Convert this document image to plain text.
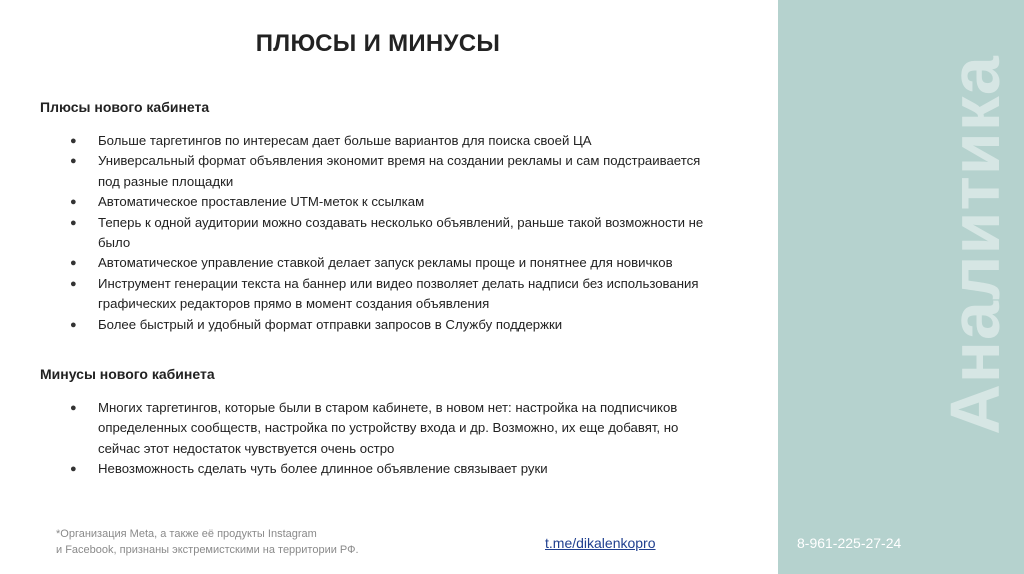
ПЛЮСЫ И МИНУСЫ
Плюсы нового кабинета
● Больше таргетингов по интересам дает больше вариантов для поиска своей ЦА
● Универсальный формат объявления экономит время на создании рекламы и сам подстраивается
под разные площадки
● Автоматическое проставление UTM-меток к ссылкам
● Теперь к одной аудитории можно создавать несколько объявлений, раньше такой возможности не
было
● Автоматическое управление ставкой делает запуск рекламы проще и понятнее для новичков
● Инструмент генерации текста на баннер или видео позволяет делать надписи без использования
графических редакторов прямо в момент создания объявления
● Более быстрый и удобный формат отправки запросов в Службу поддержки
Минусы нового кабинета
● Многих таргетингов, которые были в старом кабинете, в новом нет: настройка на подписчиков
определенных сообществ, настройка по устройству входа и др. Возможно, их еще добавят, но
сейчас этот недостаток чувствуется очень остро
● Невозможность сделать чуть более длинное объявление связывает руки
*Организация Meta, а также её продукты Instagram
и Facebook, признаны экстремистскими на территории РФ.	t.me/dikalenkopro
Аналитика
8-961-225-27-24
